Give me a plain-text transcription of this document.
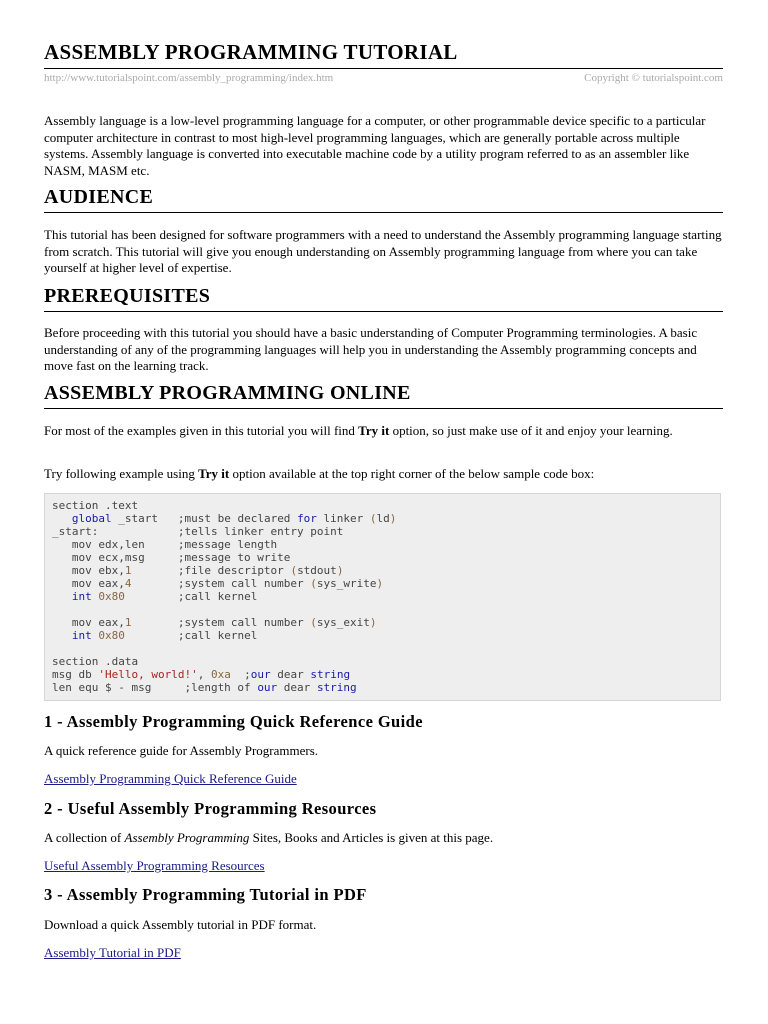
ASSEMBLY PROGRAMMING TUTORIAL
http://www.tutorialspoint.com/assembly_programming/index.htm	Copyright © tutorialspoint.com

Assembly language is a low-level programming language for a computer, or other programmable device specific to a particular computer architecture in contrast to most high-level programming languages, which are generally portable across multiple systems. Assembly language is converted into executable machine code by a utility program referred to as an assembler like NASM, MASM etc.

AUDIENCE

This tutorial has been designed for software programmers with a need to understand the Assembly programming language starting from scratch. This tutorial will give you enough understanding on Assembly programming language from where you can take yourself at higher level of expertise.

PREREQUISITES

Before proceeding with this tutorial you should have a basic understanding of Computer Programming terminologies. A basic understanding of any of the programming languages will help you in understanding the Assembly programming concepts and move fast on the learning track.

ASSEMBLY PROGRAMMING ONLINE

For most of the examples given in this tutorial you will find Try it option, so just make use of it and enjoy your learning.

Try following example using Try it option available at the top right corner of the below sample code box:

section .text
global _start   ;must be declared for linker (ld)
_start:            ;tells linker entry point
mov edx,len     ;message length
mov ecx,msg     ;message to write
mov ebx,1       ;file descriptor (stdout)
mov eax,4       ;system call number (sys_write)
int 0x80        ;call kernel
mov eax,1       ;system call number (sys_exit)
int 0x80        ;call kernel
section .data
msg db 'Hello, world!', 0xa  ;our dear string
len equ $ - msg     ;length of our dear string
1 - Assembly Programming Quick Reference Guide

A quick reference guide for Assembly Programmers.

Assembly Programming Quick Reference Guide
2 - Useful Assembly Programming Resources

A collection of Assembly Programming Sites, Books and Articles is given at this page.

Useful Assembly Programming Resources
3 - Assembly Programming Tutorial in PDF

Download a quick Assembly tutorial in PDF format.

Assembly Tutorial in PDF
